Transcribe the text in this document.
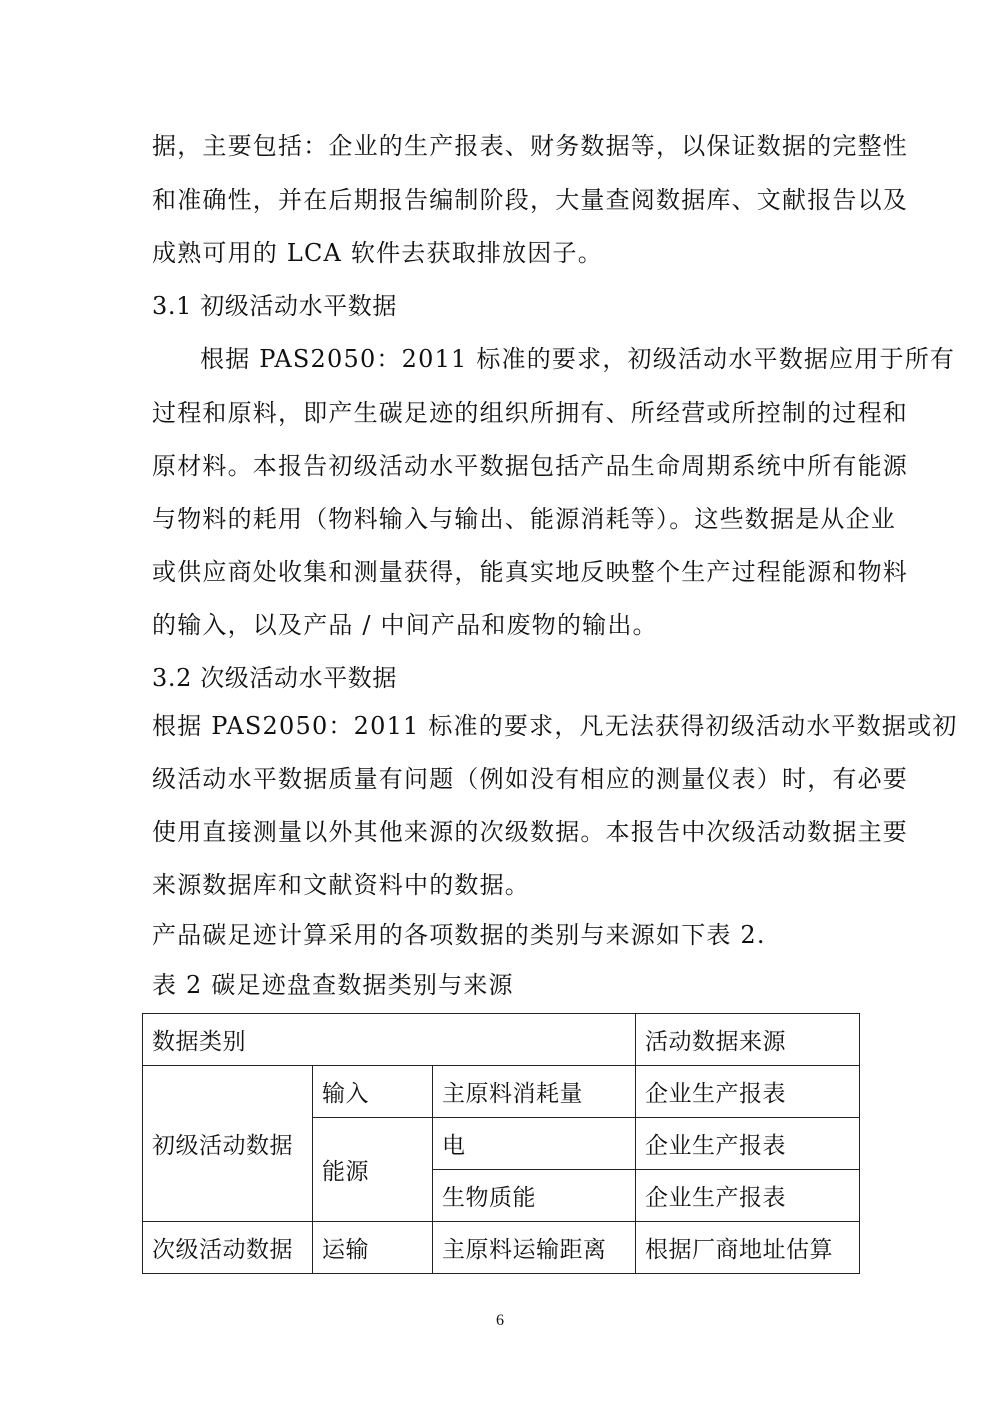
据，主要包括：企业的生产报表、财务数据等，以保证数据的完整性
和准确性，并在后期报告编制阶段，大量查阅数据库、文献报告以及
成熟可用的 LCA 软件去获取排放因子。
3.1 初级活动水平数据
根据 PAS2050：2011 标准的要求，初级活动水平数据应用于所有
过程和原料，即产生碳足迹的组织所拥有、所经营或所控制的过程和
原材料。本报告初级活动水平数据包括产品生命周期系统中所有能源
与物料的耗用（物料输入与输出、能源消耗等）。这些数据是从企业
或供应商处收集和测量获得，能真实地反映整个生产过程能源和物料
的输入，以及产品 / 中间产品和废物的输出。
3.2 次级活动水平数据
根据 PAS2050：2011 标准的要求，凡无法获得初级活动水平数据或初
级活动水平数据质量有问题（例如没有相应的测量仪表）时，有必要
使用直接测量以外其他来源的次级数据。本报告中次级活动数据主要
来源数据库和文献资料中的数据。
产品碳足迹计算采用的各项数据的类别与来源如下表 2.
表 2 碳足迹盘查数据类别与来源
数据类别			活动数据来源
初级活动数据	输入	主原料消耗量	企业生产报表
	能源	电	企业生产报表
		生物质能	企业生产报表
次级活动数据	运输	主原料运输距离	根据厂商地址估算
6
